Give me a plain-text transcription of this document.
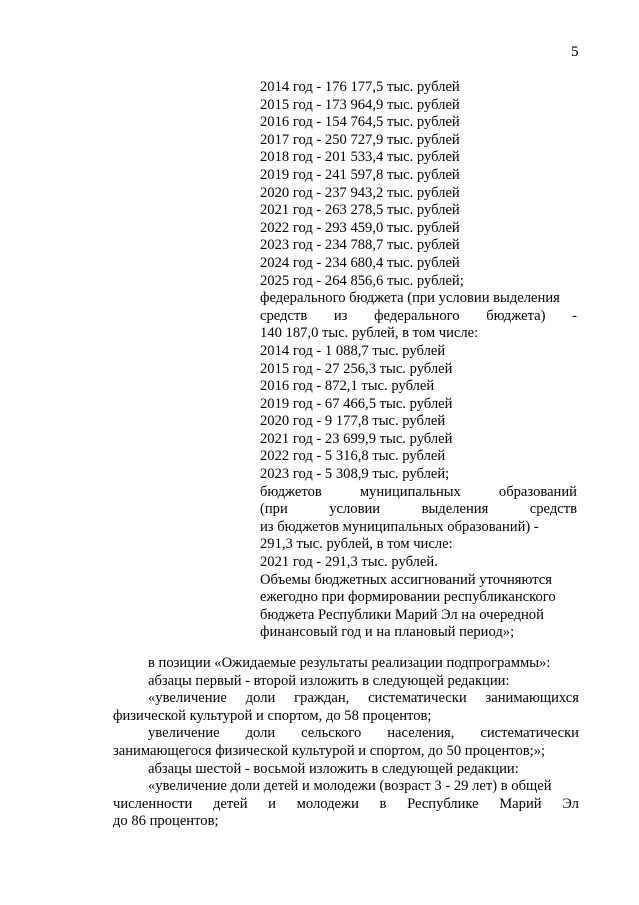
5
2014 год - 176 177,5 тыс. рублей
2015 год - 173 964,9 тыс. рублей
2016 год - 154 764,5 тыс. рублей
2017 год - 250 727,9 тыс. рублей
2018 год - 201 533,4 тыс. рублей
2019 год - 241 597,8 тыс. рублей
2020 год - 237 943,2 тыс. рублей
2021 год - 263 278,5 тыс. рублей
2022 год - 293 459,0 тыс. рублей
2023 год - 234 788,7 тыс. рублей
2024 год - 234 680,4 тыс. рублей
2025 год - 264 856,6 тыс. рублей;
федерального бюджета (при условии выделения
средств из федерального бюджета) -
140 187,0 тыс. рублей, в том числе:
2014 год - 1 088,7 тыс. рублей
2015 год - 27 256,3 тыс. рублей
2016 год - 872,1 тыс. рублей
2019 год - 67 466,5 тыс. рублей
2020 год - 9 177,8 тыс. рублей
2021 год - 23 699,9 тыс. рублей
2022 год - 5 316,8 тыс. рублей
2023 год - 5 308,9 тыс. рублей;
бюджетов	муниципальных	образований
(при	условии	выделения	средств
из бюджетов муниципальных образований) -
291,3 тыс. рублей, в том числе:
2021 год - 291,3 тыс. рублей.
Объемы бюджетных ассигнований уточняются
ежегодно при формировании республиканского
бюджета Республики Марий Эл на очередной
финансовый год и на плановый период»;
в позиции «Ожидаемые результаты реализации подпрограммы»:
абзацы первый - второй изложить в следующей редакции:
«увеличение доли граждан, систематически занимающихся
физической культурой и спортом, до 58 процентов;
увеличение доли сельского населения, систематически
занимающегося физической культурой и спортом, до 50 процентов;»;
абзацы шестой - восьмой изложить в следующей редакции:
«увеличение доли детей и молодежи (возраст 3 - 29 лет) в общей
численности детей и молодежи в Республике Марий Эл
до 86 процентов;
